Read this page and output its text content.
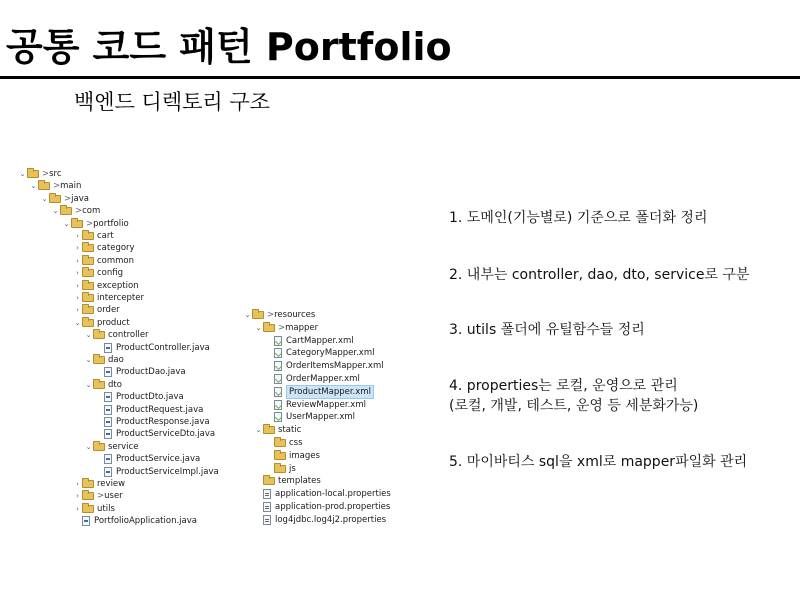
공통 코드 패턴 Portfolio
백엔드 디렉토리 구조
⌄ > src
⌄ > main
⌄ > java
⌄ > com
⌄ > portfolio
›	cart
›	category
›	common
›	config
›	exception
›	intercepter
›	order
⌄ product
⌄ controller
ProductController.java
⌄ dao
ProductDao.java
⌄ dto
ProductDto.java
ProductRequest.java
ProductResponse.java
ProductServiceDto.java
⌄ service
ProductService.java
ProductServiceImpl.java
›	review
›	> user
›	utils
PortfolioApplication.java
⌄ > resources
⌄ > mapper
CartMapper.xml
CategoryMapper.xml
OrderItemsMapper.xml
OrderMapper.xml
ProductMapper.xml
ReviewMapper.xml
UserMapper.xml
⌄ static
css
images
js
templates
application-local.properties
application-prod.properties
log4jdbc.log4j2.properties
1. 도메인(기능별로) 기준으로 폴더화 정리
2. 내부는 controller, dao, dto, service로 구분
3. utils 폴더에 유틸함수들 정리
4. properties는 로컬, 운영으로 관리
(로컬, 개발, 테스트, 운영 등 세분화가능)
5. 마이바티스 sql을 xml로 mapper파일화 관리
